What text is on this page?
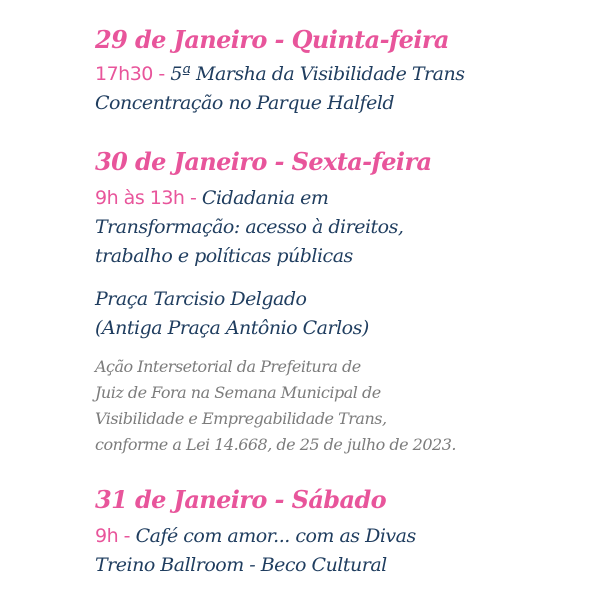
29 de Janeiro - Quinta-feira
17h30 - 5ª Marsha da Visibilidade Trans
Concentração no Parque Halfeld
30 de Janeiro - Sexta-feira
9h às 13h - Cidadania em
Transformação: acesso à direitos,
trabalho e políticas públicas
Praça Tarcisio Delgado
(Antiga Praça Antônio Carlos)
Ação Intersetorial da Prefeitura de
Juiz de Fora na Semana Municipal de
Visibilidade e Empregabilidade Trans,
conforme a Lei 14.668, de 25 de julho de 2023.
31 de Janeiro - Sábado
9h - Café com amor... com as Divas
Treino Ballroom - Beco Cultural
